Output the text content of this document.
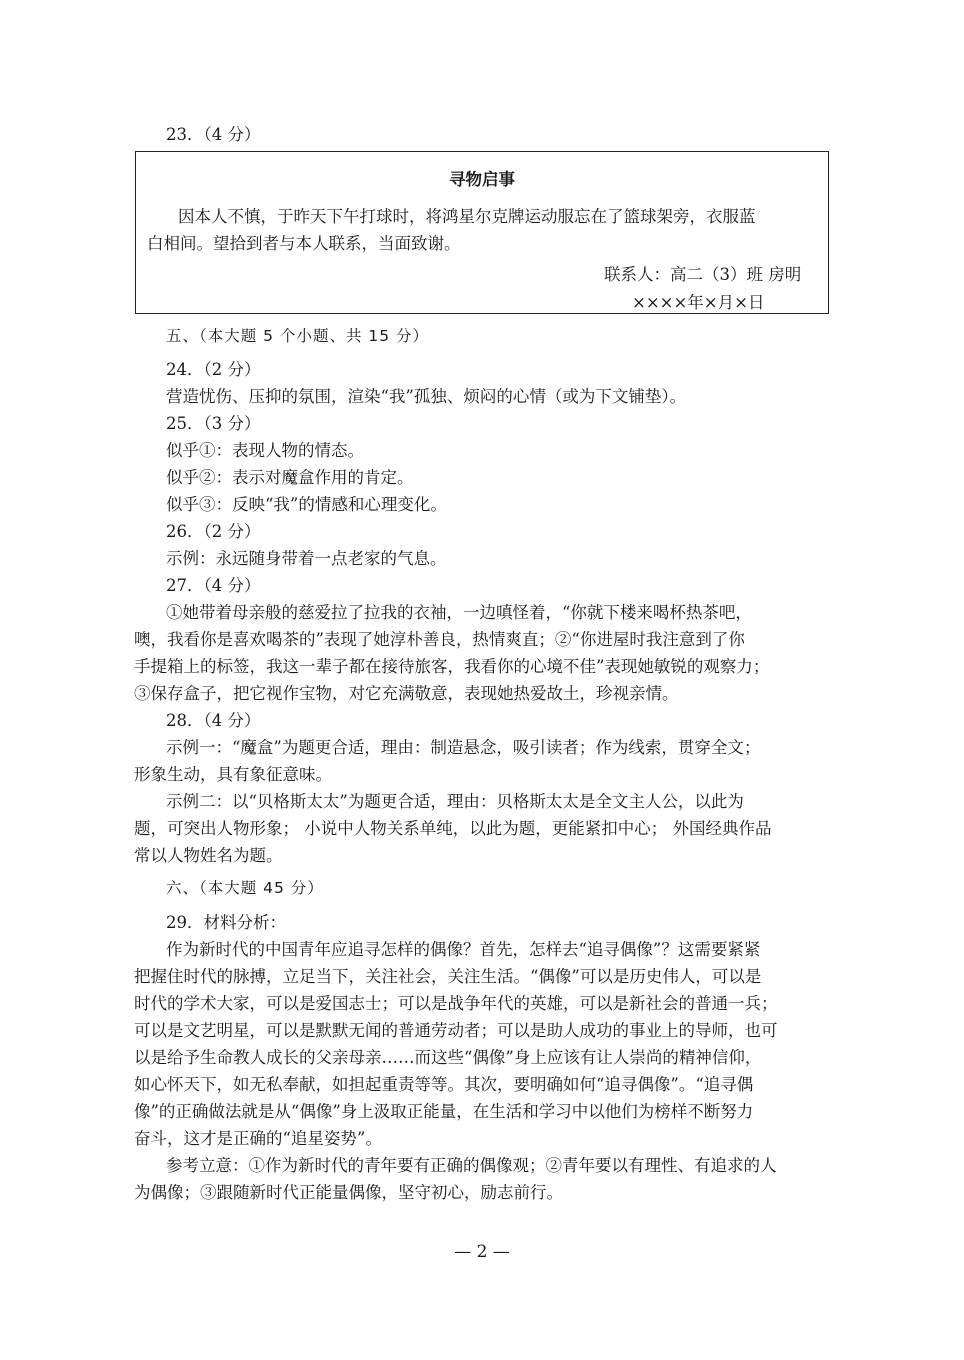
23．（4 分）
寻物启事
因本人不慎，于昨天下午打球时，将鸿星尔克牌运动服忘在了篮球架旁，衣服蓝
白相间。望拾到者与本人联系，当面致谢。
联系人：高二（3）班 房明
××××年×月×日
五、（本大题 5 个小题、共 15 分）
24．（2 分）
营造忧伤、压抑的氛围，渲染“我”孤独、烦闷的心情（或为下文铺垫）。
25．（3 分）
似乎①：表现人物的情态。
似乎②：表示对魔盒作用的肯定。
似乎③：反映“我”的情感和心理变化。
26．（2 分）
示例：永远随身带着一点老家的气息。
27．（4 分）
①她带着母亲般的慈爱拉了拉我的衣袖，一边嗔怪着，“你就下楼来喝杯热茶吧，
噢，我看你是喜欢喝茶的”表现了她淳朴善良，热情爽直；②“你进屋时我注意到了你
手提箱上的标签，我这一辈子都在接待旅客，我看你的心境不佳”表现她敏锐的观察力；
③保存盒子，把它视作宝物，对它充满敬意，表现她热爱故土，珍视亲情。
28．（4 分）
示例一：“魔盒”为题更合适，理由：制造悬念，吸引读者；作为线索，贯穿全文；
形象生动，具有象征意味。
示例二：以“贝格斯太太”为题更合适，理由：贝格斯太太是全文主人公，以此为
题，可突出人物形象； 小说中人物关系单纯，以此为题，更能紧扣中心； 外国经典作品
常以人物姓名为题。
六、（本大题 45 分）
29．材料分析：
作为新时代的中国青年应追寻怎样的偶像？首先，怎样去“追寻偶像”？这需要紧紧
把握住时代的脉搏，立足当下，关注社会，关注生活。“偶像”可以是历史伟人，可以是
时代的学术大家，可以是爱国志士；可以是战争年代的英雄，可以是新社会的普通一兵；
可以是文艺明星，可以是默默无闻的普通劳动者；可以是助人成功的事业上的导师，也可
以是给予生命教人成长的父亲母亲……而这些“偶像”身上应该有让人崇尚的精神信仰，
如心怀天下，如无私奉献，如担起重责等等。其次，要明确如何“追寻偶像”。“追寻偶
像”的正确做法就是从“偶像”身上汲取正能量，在生活和学习中以他们为榜样不断努力
奋斗，这才是正确的“追星姿势”。
参考立意：①作为新时代的青年要有正确的偶像观；②青年要以有理性、有追求的人
为偶像；③跟随新时代正能量偶像，坚守初心，励志前行。
— 2 —
